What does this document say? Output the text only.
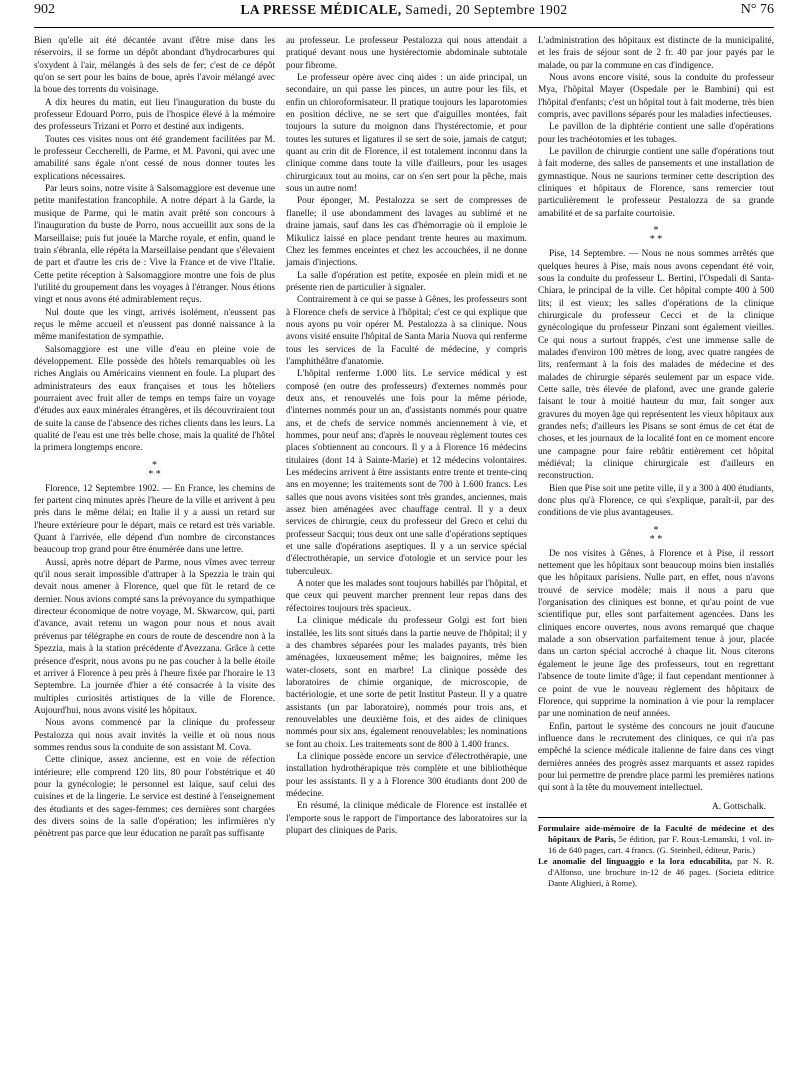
902	LA PRESSE MÉDICALE, Samedi, 20 Septembre 1902	N° 76

Bien qu'elle ait été décantée avant d'être mise dans les réservoirs, il se forme un dépôt abondant d'hydrocarbures qui s'oxydent à l'air, mélangés à des sels de fer; c'est de ce dépôt qu'on se sert pour les bains de boue, après l'avoir mélangé avec la boue des torrents du voisinage.

A dix heures du matin, eut lieu l'inauguration du buste du professeur Edouard Porro, puis de l'hospice élevé à la mémoire des professeurs Trizani et Porro et destiné aux indigents.

Toutes ces visites nous ont été grandement facilitées par M. le professeur Ceccherelli, de Parme, et M. Pavoni, qui avec une amabilité sans égale n'ont cessé de nous donner toutes les explications nécessaires.

Par leurs soins, notre visite à Salsomaggiore est devenue une petite manifestation francophile. A notre départ à la Garde, la musique de Parme, qui le matin avait prêté son concours à l'inauguration du buste de Porro, nous accueillit aux sons de la Marseillaise; puis fut jouée la Marche royale, et enfin, quand le train s'ébranla, elle répéta la Marseillaise pendant que s'élevaient de part et d'autre les cris de : Vive la France et de vive l'Italie. Cette petite réception à Salsomaggiore montre une fois de plus l'utilité du groupement dans les voyages à l'étranger. Nous étions vingt et nous avons été admirablement reçus.

Nul doute que les vingt, arrivés isolément, n'eussent pas reçus le même accueil et n'eussent pas donné naissance à la même manifestation de sympathie.

Salsomaggiore est une ville d'eau en pleine voie de développement. Elle possède des hôtels remarquables où les riches Anglais ou Américains viennent en foule. La plupart des administrateurs des eaux françaises et tous les hôteliers pourraient avec fruit aller de temps en temps faire un voyage d'études aux eaux minérales étrangères, et ils découvriraient tout de suite la cause de l'absence des riches clients dans les leurs. La qualité de l'eau est une très belle chose, mais la qualité de l'hôtel la primera longtemps encore.

*
* *

Florence, 12 Septembre 1902. — En France, les chemins de fer partent cinq minutes après l'heure de la ville et arrivent à peu près dans le même délai; en Italie il y a aussi un retard sur l'heure extérieure pour le départ, mais ce retard est très variable. Quant à l'arrivée, elle dépend d'un nombre de circonstances beaucoup trop grand pour être énumérée dans une lettre.

Aussi, après notre départ de Parme, nous vîmes avec terreur qu'il nous serait impossible d'attraper à la Spezzia le train qui devait nous amener à Florence, quel que fût le retard de ce dernier. Nous avions compté sans la prévoyance du sympathique directeur économique de notre voyage, M. Skwarcow, qui, parti d'avance, avait retenu un wagon pour nous et nous avait prévenus par télégraphe en cours de route de descendre non à la Spezzia, mais à la station précédente d'Avezzana. Grâce à cette présence d'esprit, nous avons pu ne pas coucher à la belle étoile et arriver à Florence à peu près à l'heure fixée par l'horaire le 13 Septembre. La journée d'hier a été consacrée à la visite des multiples curiosités artistiques de la ville de Florence. Aujourd'hui, nous avons visité les hôpitaux.

Nous avons commencé par la clinique du professeur Pestalozza qui nous avait invités la veille et où nous nous sommes rendus sous la conduite de son assistant M. Cova.

Cette clinique, assez ancienne, est en voie de réfection intérieure; elle comprend 120 lits, 80 pour l'obstétrique et 40 pour la gynécologie; le personnel est laïque, sauf celui des cuisines et de la lingerie. Le service est destiné à l'enseignement des étudiants et des sages-femmes; ces dernières sont chargées des divers soins de la salle d'opération; les infirmières n'y pénètrent pas parce que leur éducation ne paraît pas suffisante

au professeur. Le professeur Pestalozza qui nous attendait a pratiqué devant nous une hystérectomie abdominale subtotale pour fibrome.

Le professeur opère avec cinq aides : un aide principal, un secondaire, un qui passe les pinces, un autre pour les fils, et enfin un chloroformisateur. Il pratique toujours les laparotomies en position déclive, ne se sert que d'aiguilles montées, fait toujours la suture du moignon dans l'hystérectomie, et pour toutes les sutures et ligatures il se sert de soie, jamais de catgut; quant au crin dit de Florence, il est totalement inconnu dans la clinique comme dans toute la ville d'ailleurs, pour les usages chirurgicaux tout au moins, car on s'en sert pour la pêche, mais sous un autre nom!

Pour éponger, M. Pestalozza se sert de compresses de flanelle; il use abondamment des lavages au sublimé et ne draine jamais, sauf dans les cas d'hémorragie où il emploie le Mikulicz laissé en place pendant trente heures au maximum. Chez les femmes enceintes et chez les accouchées, il ne donne jamais d'injections.

La salle d'opération est petite, exposée en plein midi et ne présente rien de particulier à signaler.

Contrairement à ce qui se passe à Gênes, les professeurs sont à Florence chefs de service à l'hôpital; c'est ce qui explique que nous ayons pu voir opérer M. Pestalozza à sa clinique. Nous avons visité ensuite l'hôpital de Santa Maria Nuova qui renferme tous les services de la Faculté de médecine, y compris l'amphithéâtre d'anatomie.

L'hôpital renferme 1.000 lits. Le service médical y est composé (en outre des professeurs) d'externes nommés pour deux ans, et renouvelés une fois pour la même période, d'internes nommés pour un an, d'assistants nommés pour quatre ans, et de chefs de service nommés anciennement à vie, et hommes, pour neuf ans; d'après le nouveau règlement toutes ces places s'obtiennent au concours. Il y a à Florence 16 médecins titulaires (dont 14 à Sainte-Marie) et 12 médecins volontaires. Les médecins arrivent à être assistants entre trente et trente-cinq ans en moyenne; les traitements sont de 700 à 1.600 francs. Les salles que nous avons visitées sont très grandes, anciennes, mais assez bien aménagées avec chauffage central. Il y a deux services de chirurgie, ceux du professeur del Greco et celui du professeur Sacqui; tous deux ont une salle d'opérations septiques et une salle d'opérations aseptiques. Il y a un service spécial d'électrothérapie, un service d'otologie et un service pour les tuberculeux.

A noter que les malades sont toujours habillés par l'hôpital, et que ceux qui peuvent marcher prennent leur repas dans des réfectoires toujours très spacieux.

La clinique médicale du professeur Golgi est fort bien installée, les lits sont situés dans la partie neuve de l'hôpital; il y a des chambres séparées pour les malades payants, très bien aménagées, luxueusement même; les baignoires, même les water-closets, sont en marbre! La clinique possède des laboratoires de chimie organique, de microscopie, de bactériologie, et une sorte de petit Institut Pasteur. Il y a quatre assistants (un par laboratoire), nommés pour trois ans, et renouvelables une deuxième fois, et des aides de cliniques nommés pour six ans, également renouvelables; les nominations se font au choix. Les traitements sont de 800 à 1.400 francs.

La clinique possède encore un service d'électrothérapie, une installation hydrothérapique très complète et une bibliothèque pour les assistants. Il y a à Florence 300 étudiants dont 200 de médecine.

En résumé, la clinique médicale de Florence est installée et l'emporte sous le rapport de l'importance des laboratoires sur la plupart des cliniques de Paris.

L'administration des hôpitaux est distincte de la municipalité, et les frais de séjour sont de 2 fr. 40 par jour payés par le malade, ou par la commune en cas d'indigence.

Nous avons encore visité, sous la conduite du professeur Mya, l'hôpital Mayer (Ospedale per le Bambini) qui est l'hôpital d'enfants; c'est un hôpital tout à fait moderne, très bien compris, avec pavillons séparés pour les maladies infectieuses.

Le pavillon de la diphtérie contient une salle d'opérations pour les trachéotomies et les tubages.

Le pavillon de chirurgie contient une salle d'opérations tout à fait moderne, des salles de pansements et une installation de gymnastique. Nous ne saurions terminer cette description des cliniques et hôpitaux de Florence, sans remercier tout particulièrement le professeur Pestalozza de sa grande amabilité et de sa parfaite courtoisie.

*
* *

Pise, 14 Septembre. — Nous ne nous sommes arrêtés que quelques heures à Pise, mais nous avons cependant été voir, sous la conduite du professeur L. Bertini, l'Ospedali di Santa-Chiara, le principal de la ville. Cet hôpital compte 400 à 500 lits; il est vieux; les salles d'opérations de la clinique chirurgicale du professeur Cecci et de la clinique gynécologique du professeur Pinzani sont également vieilles. Ce qui nous a surtout frappés, c'est une immense salle de malades d'environ 100 mètres de long, avec quatre rangées de lits, renfermant à la fois des malades de médecine et des malades de chirurgie séparés seulement par un espace vide. Cette salle, très élevée de plafond, avec une grande galerie faisant le tour à moitié hauteur du mur, fait songer aux gravures du moyen âge qui représentent les vieux hôpitaux aux grandes nefs; d'ailleurs les Pisans se sont émus de cet état de choses, et les journaux de la localité font en ce moment encore une campagne pour faire rebâtir entièrement cet hôpital médiéval; la clinique chirurgicale est d'ailleurs en reconstruction.

Bien que Pise soit une petite ville, il y a 300 à 400 étudiants, donc plus qu'à Florence, ce qui s'explique, paraît-il, par des conditions de vie plus avantageuses.

*
* *

De nos visites à Gênes, à Florence et à Pise, il ressort nettement que les hôpitaux sont beaucoup moins bien installés que les hôpitaux parisiens. Nulle part, en effet, nous n'avons trouvé de service modèle; mais il nous a paru que l'organisation des cliniques est bonne, et qu'au point de vue scientifique pur, elles sont parfaitement agencées. Dans les cliniques encore ouvertes, nous avons remarqué que chaque malade a son observation parfaitement tenue à jour, placée dans un carton spécial accroché à chaque lit. Nous citerons également le jeune âge des professeurs, tout en regrettant l'absence de toute limite d'âge; il faut cependant mentionner à ce point de vue le nouveau règlement des hôpitaux de Florence, qui supprime la nomination à vie pour la remplacer par une nomination de neuf années.

Enfin, partout le système des concours ne jouit d'aucune influence dans le recrutement des cliniques, ce qui n'a pas empêché la science médicale italienne de faire dans ces vingt dernières années des progrès assez marquants et assez rapides pour lui permettre de prendre place parmi les premières nations qui sont à la tête du mouvement intellectuel.

A. Gottschalk.

Formulaire aide-mémoire de la Faculté de médecine et des hôpitaux de Paris, 5e édition, par F. Roux-Lemanski, 1 vol. in-16 de 640 pages, cart. 4 francs. (G. Steinheil, éditeur, Paris.)

Le anomalie del linguaggio e la lora educabilita, par N. R. d'Alfonso, une brochure in-12 de 46 pages. (Societa editrice Dante Alighieri, à Rome).
